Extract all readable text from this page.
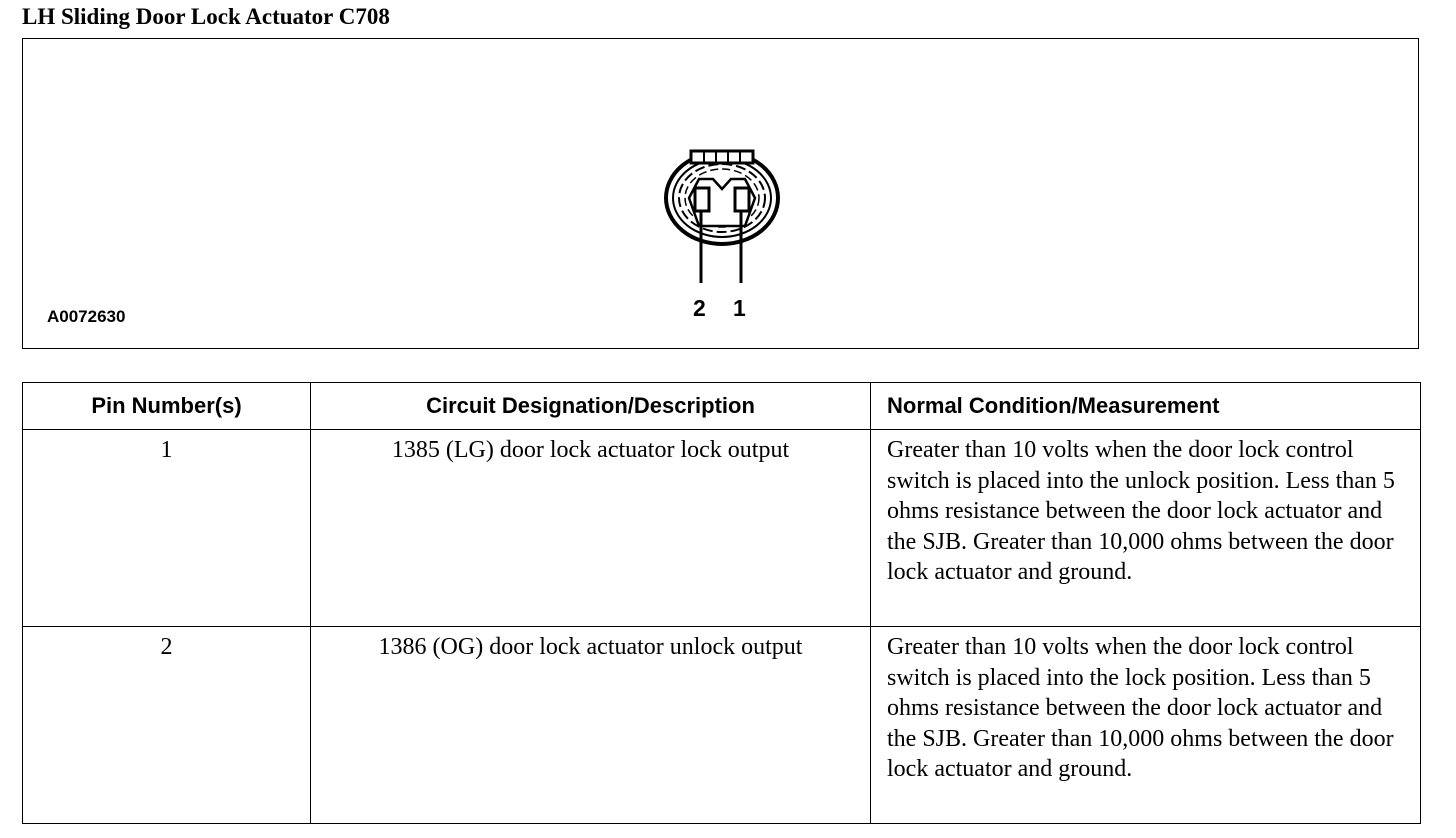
LH Sliding Door Lock Actuator C708
2 1
A0072630
Pin Number(s)	Circuit Designation/Description	Normal Condition/Measurement
1	1385 (LG) door lock actuator lock output	Greater than 10 volts when the door lock control switch is placed into the unlock position. Less than 5 ohms resistance between the door lock actuator and the SJB. Greater than 10,000 ohms between the door lock actuator and ground.
2	1386 (OG) door lock actuator unlock output	Greater than 10 volts when the door lock control switch is placed into the lock position. Less than 5 ohms resistance between the door lock actuator and the SJB. Greater than 10,000 ohms between the door lock actuator and ground.
